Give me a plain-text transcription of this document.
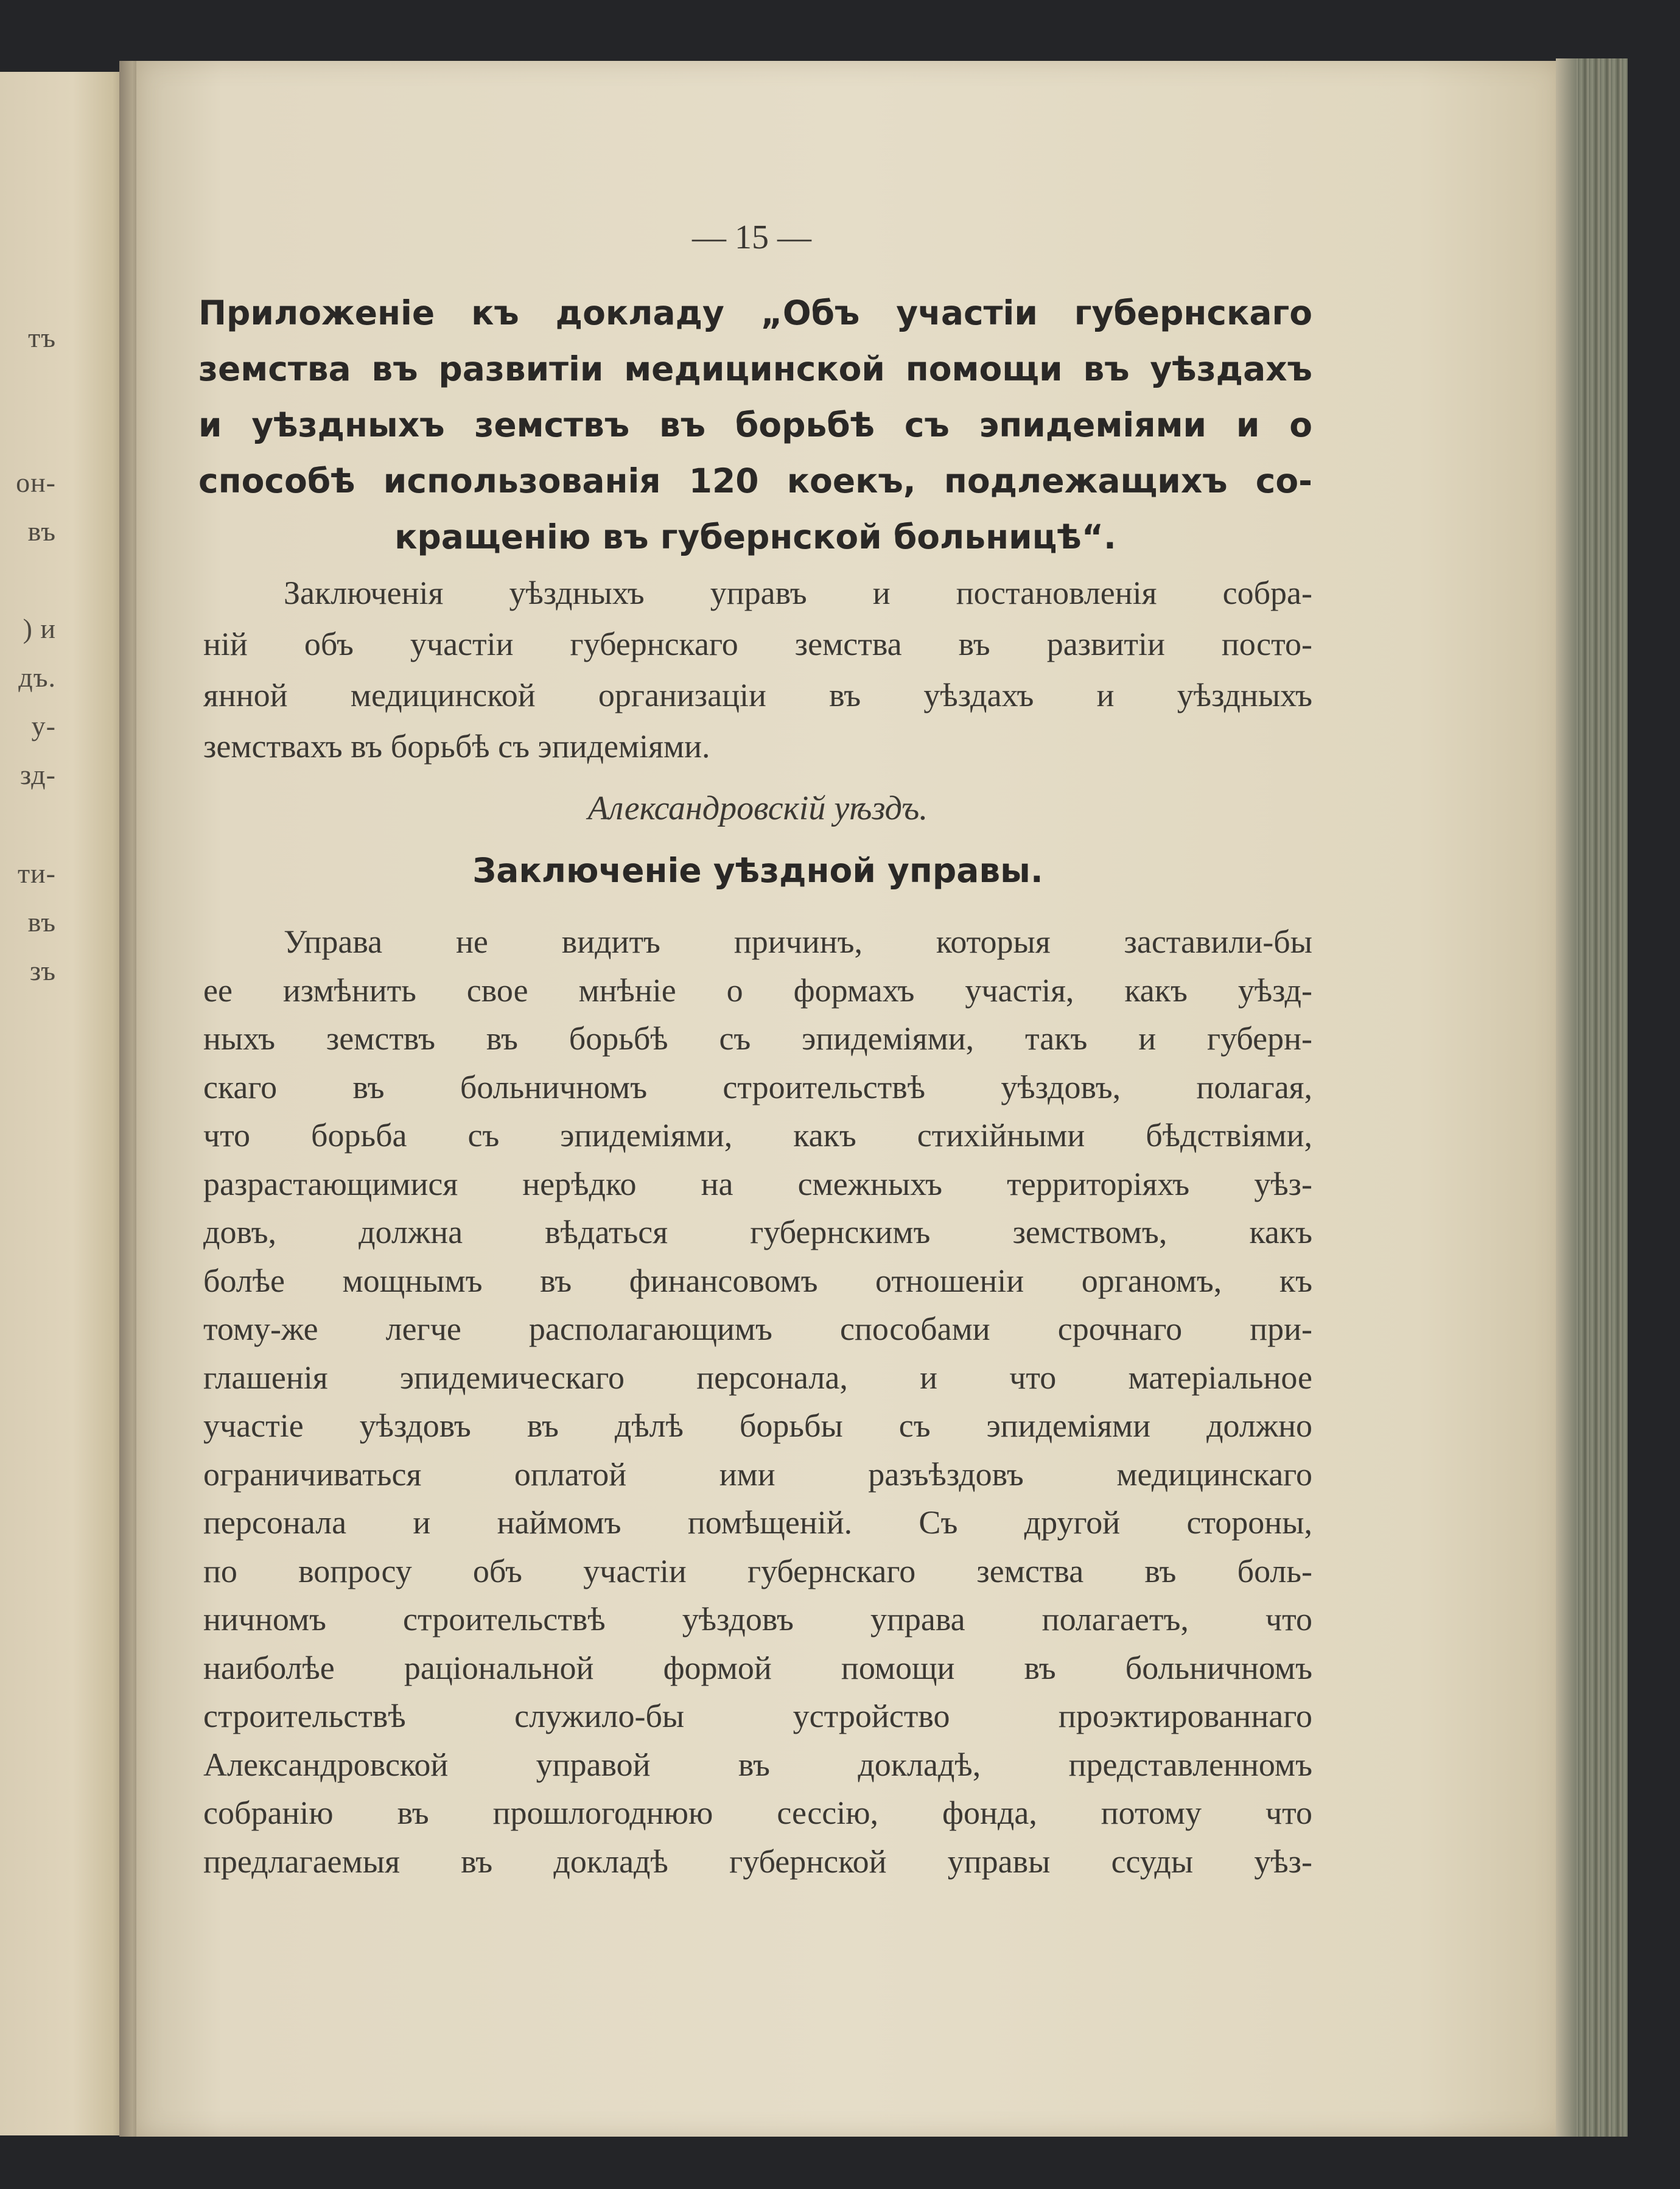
тъ
он-
въ
) и
дъ.
у-
зд-
ти-
въ
зъ
— 15 —
Приложеніе къ докладу „Объ участіи губернскаго
земства въ развитіи медицинской помощи въ уѣздахъ
и уѣздныхъ земствъ въ борьбѣ съ эпидеміями и о
способѣ использованія 120 коекъ, подлежащихъ со-
кращенію въ губернской больницѣ“.
Заключенія уѣздныхъ управъ и постановленія собра-
ній объ участіи губернскаго земства въ развитіи посто-
янной медицинской организаціи въ уѣздахъ и уѣздныхъ
земствахъ въ борьбѣ съ эпидеміями.
Александровскій уѣздъ.
Заключеніе уѣздной управы.
Управа не видитъ причинъ, которыя заставили-бы
ее измѣнить свое мнѣніе о формахъ участія, какъ уѣзд-
ныхъ земствъ въ борьбѣ съ эпидеміями, такъ и губерн-
скаго въ больничномъ строительствѣ уѣздовъ, полагая,
что борьба съ эпидеміями, какъ стихійными бѣдствіями,
разрастающимися нерѣдко на смежныхъ территоріяхъ уѣз-
довъ, должна вѣдаться губернскимъ земствомъ, какъ
болѣе мощнымъ въ финансовомъ отношеніи органомъ, къ
тому-же легче располагающимъ способами срочнаго при-
глашенія эпидемическаго персонала, и что матеріальное
участіе уѣздовъ въ дѣлѣ борьбы съ эпидеміями должно
ограничиваться оплатой ими разъѣздовъ медицинскаго
персонала и наймомъ помѣщеній. Съ другой стороны,
по вопросу объ участіи губернскаго земства въ боль-
ничномъ строительствѣ уѣздовъ управа полагаетъ, что
наиболѣе раціональной формой помощи въ больничномъ
строительствѣ служило-бы устройство проэктированнаго
Александровской управой въ докладѣ, представленномъ
собранію въ прошлогоднюю сессію, фонда, потому что
предлагаемыя въ докладѣ губернской управы ссуды уѣз-
